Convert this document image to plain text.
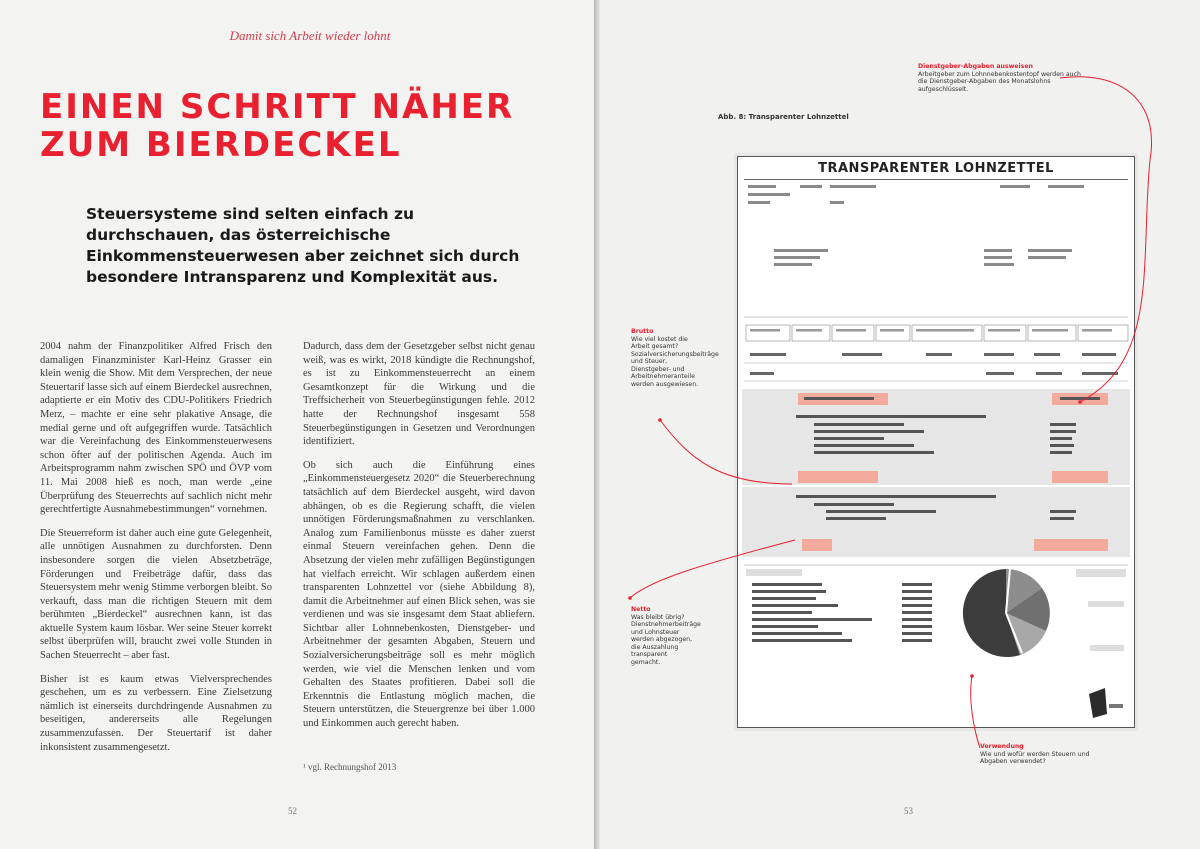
Damit sich Arbeit wieder lohnt
EINEN SCHRITT NÄHER
ZUM BIERDECKEL
Steuersysteme sind selten einfach zu durchschauen, das österreichische Einkommensteuerwesen aber zeichnet sich durch besondere Intransparenz und Komplexität aus.

2004 nahm der Finanzpolitiker Alfred Frisch den damaligen Finanzminister Karl-Heinz Grasser ein klein wenig die Show. Mit dem Versprechen, der neue Steuertarif lasse sich auf einem Bierdeckel ausrechnen, adaptierte er ein Motiv des CDU-Politikers Friedrich Merz, – machte er eine sehr plakative Ansage, die medial gerne und oft aufgegriffen wurde. Tatsächlich war die Vereinfachung des Einkommensteuerwesens schon öfter auf der politischen Agenda. Auch im Arbeitsprogramm nahm zwischen SPÖ und ÖVP vom 11. Mai 2008 hieß es noch, man werde „eine Überprüfung des Steuerrechts auf sachlich nicht mehr gerechtfertigte Ausnahmebestimmungen“ vornehmen.

Die Steuerreform ist daher auch eine gute Gelegenheit, alle unnötigen Ausnahmen zu durchforsten. Denn insbesondere sorgen die vielen Absetzbeträge, Förderungen und Freibeträge dafür, dass das Steuersystem mehr wenig Stimme verborgen bleibt. So verkauft, dass man die richtigen Steuern mit dem berühmten „Bierdeckel“ ausrechnen kann, ist das aktuelle System kaum lösbar. Wer seine Steuer korrekt selbst überprüfen will, braucht zwei volle Stunden in Sachen Steuerrecht – aber fast.

Bisher ist es kaum etwas Vielversprechendes geschehen, um es zu verbessern. Eine Zielsetzung nämlich ist einerseits durchdringende Ausnahmen zu beseitigen, andererseits alle Regelungen zusammenzufassen. Der Steuertarif ist daher inkonsistent zusammengesetzt.

Dadurch, dass dem der Gesetzgeber selbst nicht genau weiß, was es wirkt, 2018 kündigte die Rechnungshof, es ist zu Einkommensteuerrecht an einem Gesamtkonzept für die Wirkung und die Treffsicherheit von Steuerbegünstigungen fehle. 2012 hatte der Rechnungshof insgesamt 558 Steuerbegünstigungen in Gesetzen und Verordnungen identifiziert.

Ob sich auch die Einführung eines „Einkommensteuergesetz 2020“ die Steuerberechnung tatsächlich auf dem Bierdeckel ausgeht, wird davon abhängen, ob es die Regierung schafft, die vielen unnötigen Förderungsmaßnahmen zu verschlanken. Analog zum Familienbonus müsste es daher zuerst einmal Steuern vereinfachen gehen. Denn die Absetzung der vielen mehr zufälligen Begünstigungen hat vielfach erreicht. Wir schlagen außerdem einen transparenten Lohnzettel vor (siehe Abbildung 8), damit die Arbeitnehmer auf einen Blick sehen, was sie verdienen und was sie insgesamt dem Staat abliefern. Sichtbar aller Lohnnebenkosten, Dienstgeber- und Arbeitnehmer der gesamten Abgaben, Steuern und Sozialversicherungsbeiträge soll es mehr möglich werden, wie viel die Menschen lenken und vom Gehalten des Staates profitieren. Dabei soll die Erkenntnis die Entlastung möglich machen, die Steuern unterstützen, die Steuergrenze bei über 1.000 und Einkommen auch gerecht haben.

¹ vgl. Rechnungshof 2013
52
Abb. 8: Transparenter Lohnzettel
TRANSPARENTER LOHNZETTEL
Dienstgeber-Abgaben ausweisen
Arbeitgeber zum Lohnnebenkostentopf werden auch die Dienstgeber-Abgaben des Monatslohns aufgeschlüsselt.
Brutto
Wie viel kostet die Arbeit gesamt? Sozialversicherungsbeiträge und Steuer, Dienstgeber- und Arbeitnehmeranteile werden ausgewiesen.
Netto
Was bleibt übrig? Dienstnehmerbeiträge und Lohnsteuer werden abgezogen, die Auszahlung transparent gemacht.
Verwendung
Wie und wofür werden Steuern und Abgaben verwendet?
53
